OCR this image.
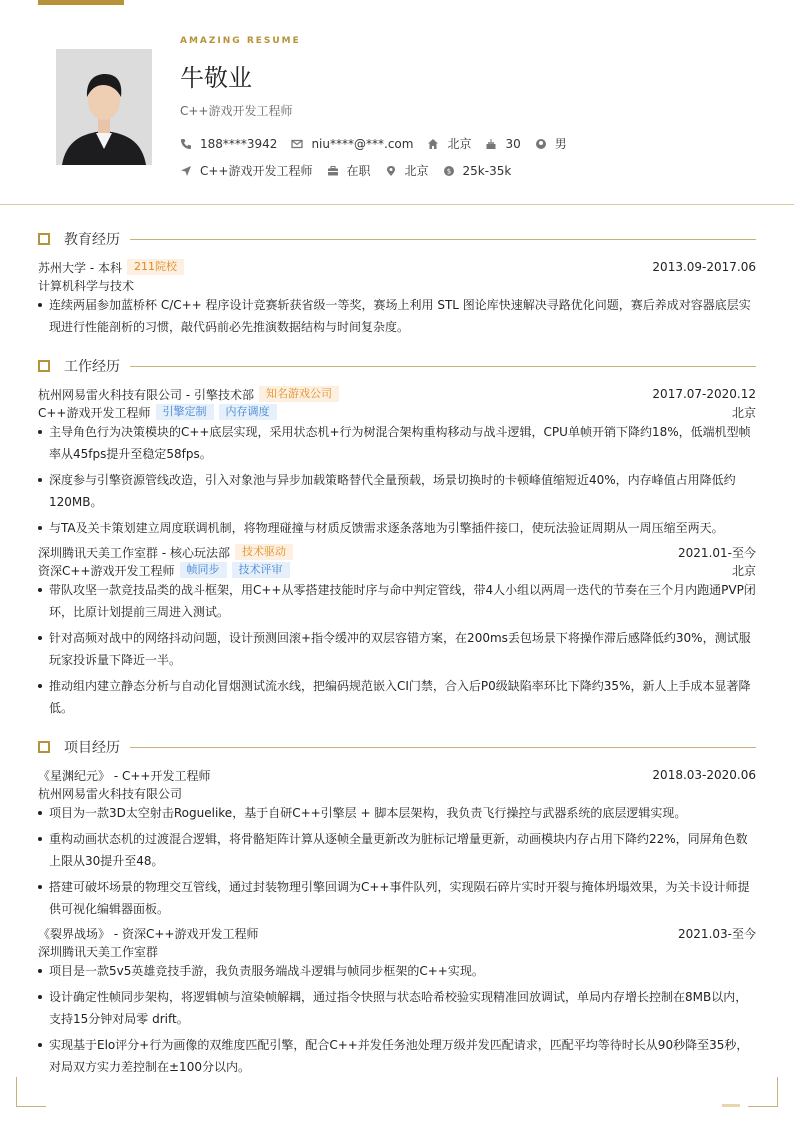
AMAZING RESUME
牛敬业
C++游戏开发工程师
188****3942	niu****@***.com	北京	30	男
C++游戏开发工程师	在职	北京	$ 25k-35k
教育经历
苏州大学 - 本科	211院校	2013.09-2017.06
计算机科学与技术
连续两届参加蓝桥杯 C/C++ 程序设计竞赛斩获省级一等奖，赛场上利用 STL 图论库快速解决寻路优化问题，赛后养成对容器底层实现进行性能剖析的习惯，敲代码前必先推演数据结构与时间复杂度。
工作经历
杭州网易雷火科技有限公司 - 引擎技术部	知名游戏公司	2017.07-2020.12
C++游戏开发工程师	引擎定制	内存调度	北京
主导角色行为决策模块的C++底层实现，采用状态机+行为树混合架构重构移动与战斗逻辑，CPU单帧开销下降约18%，低端机型帧率从45fps提升至稳定58fps。
深度参与引擎资源管线改造，引入对象池与异步加载策略替代全量预载，场景切换时的卡顿峰值缩短近40%，内存峰值占用降低约120MB。
与TA及关卡策划建立周度联调机制，将物理碰撞与材质反馈需求逐条落地为引擎插件接口，使玩法验证周期从一周压缩至两天。
深圳腾讯天美工作室群 - 核心玩法部	技术驱动	2021.01-至今
资深C++游戏开发工程师	帧同步	技术评审	北京
带队攻坚一款竞技品类的战斗框架，用C++从零搭建技能时序与命中判定管线，带4人小组以两周一迭代的节奏在三个月内跑通PVP闭环，比原计划提前三周进入测试。
针对高频对战中的网络抖动问题，设计预测回滚+指令缓冲的双层容错方案，在200ms丢包场景下将操作滞后感降低约30%，测试服玩家投诉量下降近一半。
推动组内建立静态分析与自动化冒烟测试流水线，把编码规范嵌入CI门禁，合入后P0级缺陷率环比下降约35%，新人上手成本显著降低。
项目经历
《星渊纪元》 - C++开发工程师	2018.03-2020.06
杭州网易雷火科技有限公司
项目为一款3D太空射击Roguelike，基于自研C++引擎层 + 脚本层架构，我负责飞行操控与武器系统的底层逻辑实现。
重构动画状态机的过渡混合逻辑，将骨骼矩阵计算从逐帧全量更新改为脏标记增量更新，动画模块内存占用下降约22%，同屏角色数上限从30提升至48。
搭建可破坏场景的物理交互管线，通过封装物理引擎回调为C++事件队列，实现陨石碎片实时开裂与掩体坍塌效果，为关卡设计师提供可视化编辑器面板。
《裂界战场》 - 资深C++游戏开发工程师	2021.03-至今
深圳腾讯天美工作室群
项目是一款5v5英雄竞技手游，我负责服务端战斗逻辑与帧同步框架的C++实现。
设计确定性帧同步架构，将逻辑帧与渲染帧解耦，通过指令快照与状态哈希校验实现精准回放调试，单局内存增长控制在8MB以内，支持15分钟对局零 drift。
实现基于Elo评分+行为画像的双维度匹配引擎，配合C++并发任务池处理万级并发匹配请求，匹配平均等待时长从90秒降至35秒，对局双方实力差控制在±100分以内。
